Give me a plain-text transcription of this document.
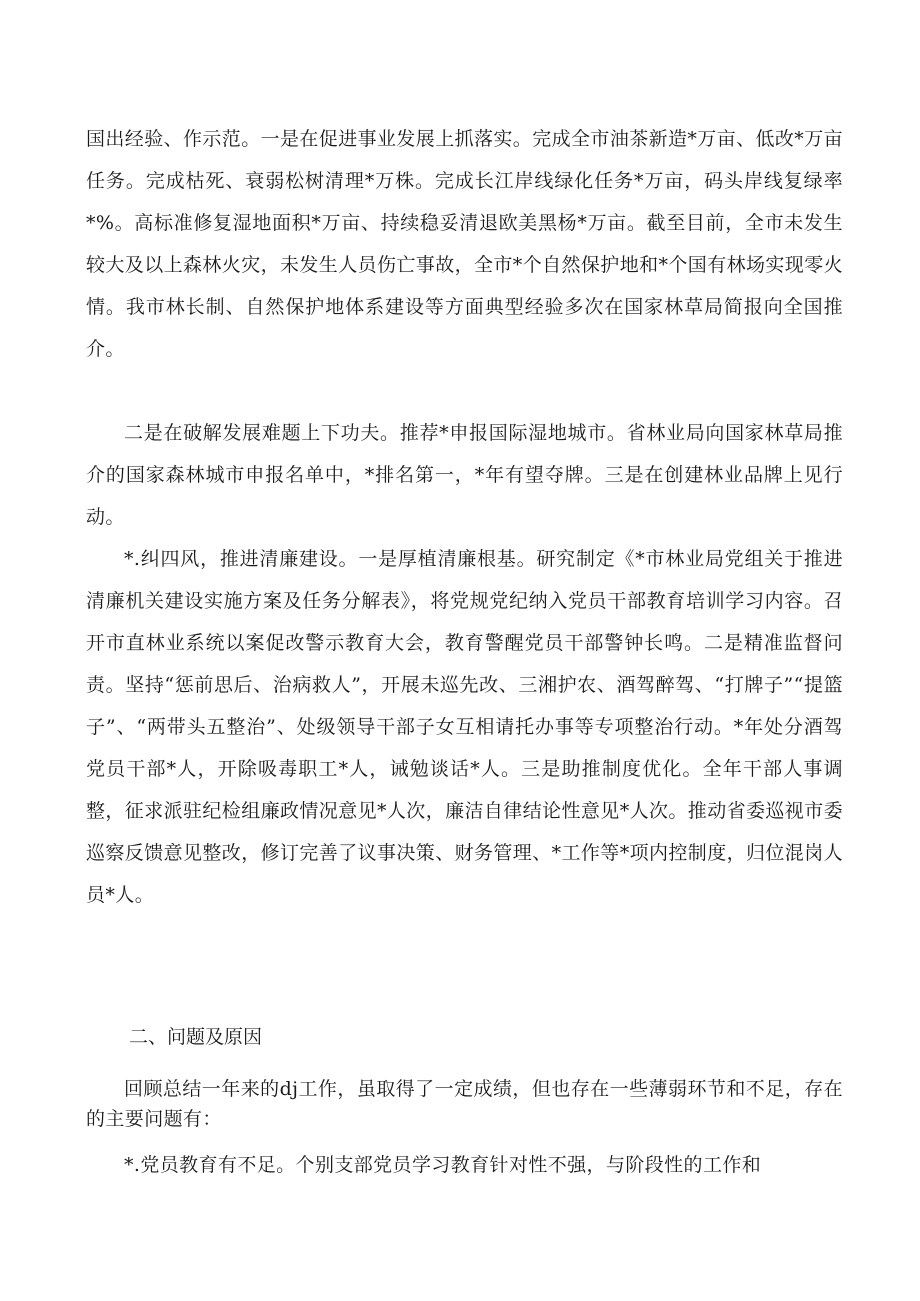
国出经验、作示范。一是在促进事业发展上抓落实。完成全市油茶新造*万亩、低改*万亩任务。完成枯死、衰弱松树清理*万株。完成长江岸线绿化任务*万亩，码头岸线复绿率*%。高标准修复湿地面积*万亩、持续稳妥清退欧美黑杨*万亩。截至目前，全市未发生较大及以上森林火灾，未发生人员伤亡事故，全市*个自然保护地和*个国有林场实现零火情。我市林长制、自然保护地体系建设等方面典型经验多次在国家林草局简报向全国推介。

二是在破解发展难题上下功夫。推荐*申报国际湿地城市。省林业局向国家林草局推介的国家森林城市申报名单中，*排名第一，*年有望夺牌。三是在创建林业品牌上见行动。

*.纠四风，推进清廉建设。一是厚植清廉根基。研究制定《*市林业局党组关于推进清廉机关建设实施方案及任务分解表》，将党规党纪纳入党员干部教育培训学习内容。召开市直林业系统以案促改警示教育大会，教育警醒党员干部警钟长鸣。二是精准监督问责。坚持“惩前思后、治病救人”，开展未巡先改、三湘护农、酒驾醉驾、“打牌子”“提篮子”、“两带头五整治”、处级领导干部子女互相请托办事等专项整治行动。*年处分酒驾党员干部*人，开除吸毒职工*人，诫勉谈话*人。三是助推制度优化。全年干部人事调整，征求派驻纪检组廉政情况意见*人次，廉洁自律结论性意见*人次。推动省委巡视市委巡察反馈意见整改，修订完善了议事决策、财务管理、*工作等*项内控制度，归位混岗人员*人。

二、问题及原因

回顾总结一年来的dj工作，虽取得了一定成绩，但也存在一些薄弱环节和不足，存在的主要问题有：

*.党员教育有不足。个别支部党员学习教育针对性不强，与阶段性的工作和
